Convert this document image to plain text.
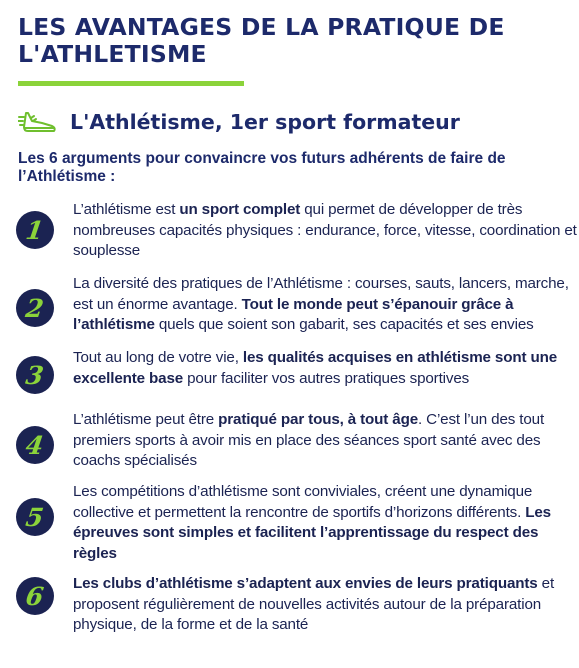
LES AVANTAGES DE LA PRATIQUE DE L'ATHLETISME
L'Athlétisme, 1er sport formateur
Les 6 arguments pour convaincre vos futurs adhérents de faire de l’Athlétisme :
1
L’athlétisme est un sport complet qui permet de développer de très nombreuses capacités physiques : endurance, force, vitesse, coordination et souplesse
2
La diversité des pratiques de l’Athlétisme : courses, sauts, lancers, marche, est un énorme avantage. Tout le monde peut s’épanouir grâce à l’athlétisme quels que soient son gabarit, ses capacités et ses envies
3
Tout au long de votre vie, les qualités acquises en athlétisme sont une excellente base pour faciliter vos autres pratiques sportives
4
L’athlétisme peut être pratiqué par tous, à tout âge. C’est l’un des tout premiers sports à avoir mis en place des séances sport santé avec des coachs spécialisés
5
Les compétitions d’athlétisme sont conviviales, créent une dynamique collective et permettent la rencontre de sportifs d’horizons différents. Les épreuves sont simples et facilitent l’apprentissage du respect des règles
6 Les clubs d’athlétisme s’adaptent aux envies de leurs pratiquants et proposent régulièrement de nouvelles activités autour de la préparation physique, de la forme et de la santé
